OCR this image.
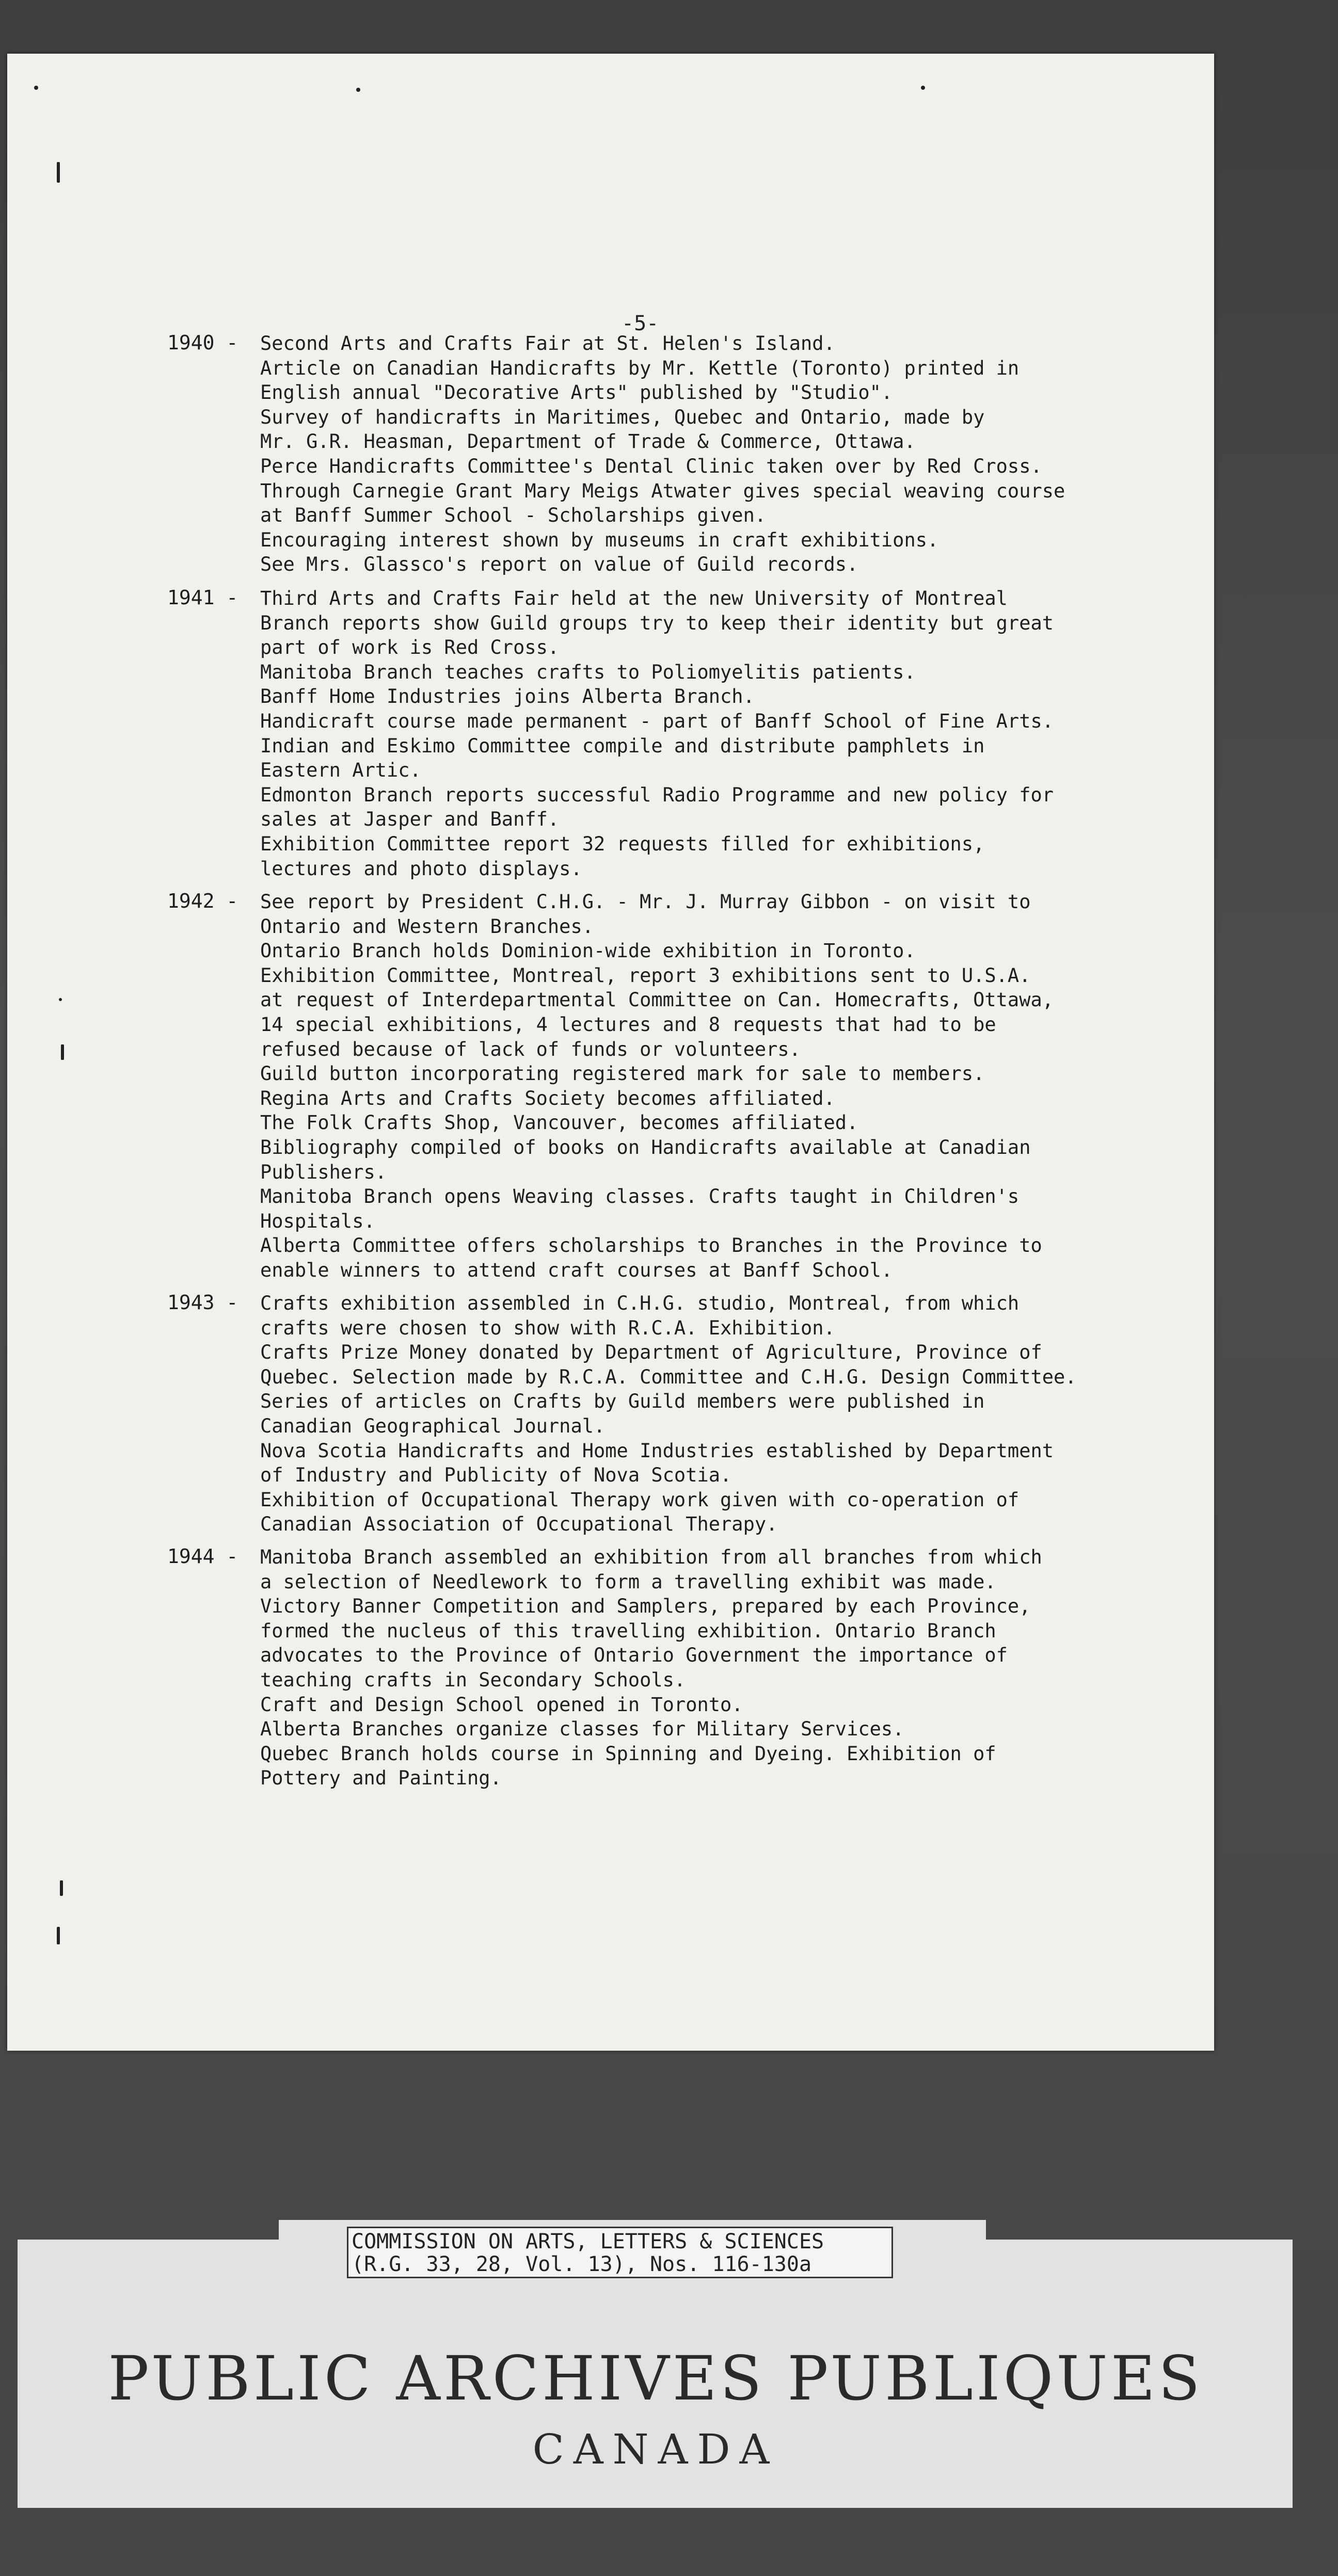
-5-
1940 - Second Arts and Crafts Fair at St. Helen's Island.
Article on Canadian Handicrafts by Mr. Kettle (Toronto) printed in
English annual "Decorative Arts" published by "Studio".
Survey of handicrafts in Maritimes, Quebec and Ontario, made by
Mr. G.R. Heasman, Department of Trade & Commerce, Ottawa.
Perce Handicrafts Committee's Dental Clinic taken over by Red Cross.
Through Carnegie Grant Mary Meigs Atwater gives special weaving course
at Banff Summer School - Scholarships given.
Encouraging interest shown by museums in craft exhibitions.
See Mrs. Glassco's report on value of Guild records.
1941 - Third Arts and Crafts Fair held at the new University of Montreal
Branch reports show Guild groups try to keep their identity but great
part of work is Red Cross.
Manitoba Branch teaches crafts to Poliomyelitis patients.
Banff Home Industries joins Alberta Branch.
Handicraft course made permanent - part of Banff School of Fine Arts.
Indian and Eskimo Committee compile and distribute pamphlets in
Eastern Artic.
Edmonton Branch reports successful Radio Programme and new policy for
sales at Jasper and Banff.
Exhibition Committee report 32 requests filled for exhibitions,
lectures and photo displays.
1942 - See report by President C.H.G. - Mr. J. Murray Gibbon - on visit to
Ontario and Western Branches.
Ontario Branch holds Dominion-wide exhibition in Toronto.
Exhibition Committee, Montreal, report 3 exhibitions sent to U.S.A.
at request of Interdepartmental Committee on Can. Homecrafts, Ottawa,
14 special exhibitions, 4 lectures and 8 requests that had to be
refused because of lack of funds or volunteers.
Guild button incorporating registered mark for sale to members.
Regina Arts and Crafts Society becomes affiliated.
The Folk Crafts Shop, Vancouver, becomes affiliated.
Bibliography compiled of books on Handicrafts available at Canadian
Publishers.
Manitoba Branch opens Weaving classes. Crafts taught in Children's
Hospitals.
Alberta Committee offers scholarships to Branches in the Province to
enable winners to attend craft courses at Banff School.
1943 - Crafts exhibition assembled in C.H.G. studio, Montreal, from which
crafts were chosen to show with R.C.A. Exhibition.
Crafts Prize Money donated by Department of Agriculture, Province of
Quebec. Selection made by R.C.A. Committee and C.H.G. Design Committee.
Series of articles on Crafts by Guild members were published in
Canadian Geographical Journal.
Nova Scotia Handicrafts and Home Industries established by Department
of Industry and Publicity of Nova Scotia.
Exhibition of Occupational Therapy work given with co-operation of
Canadian Association of Occupational Therapy.
1944 - Manitoba Branch assembled an exhibition from all branches from which
a selection of Needlework to form a travelling exhibit was made.
Victory Banner Competition and Samplers, prepared by each Province,
formed the nucleus of this travelling exhibition. Ontario Branch
advocates to the Province of Ontario Government the importance of
teaching crafts in Secondary Schools.
Craft and Design School opened in Toronto.
Alberta Branches organize classes for Military Services.
Quebec Branch holds course in Spinning and Dyeing. Exhibition of
Pottery and Painting.
COMMISSION ON ARTS, LETTERS & SCIENCES
(R.G. 33, 28, Vol. 13), Nos. 116-130a
PUBLIC ARCHIVES PUBLIQUES
CANADA
